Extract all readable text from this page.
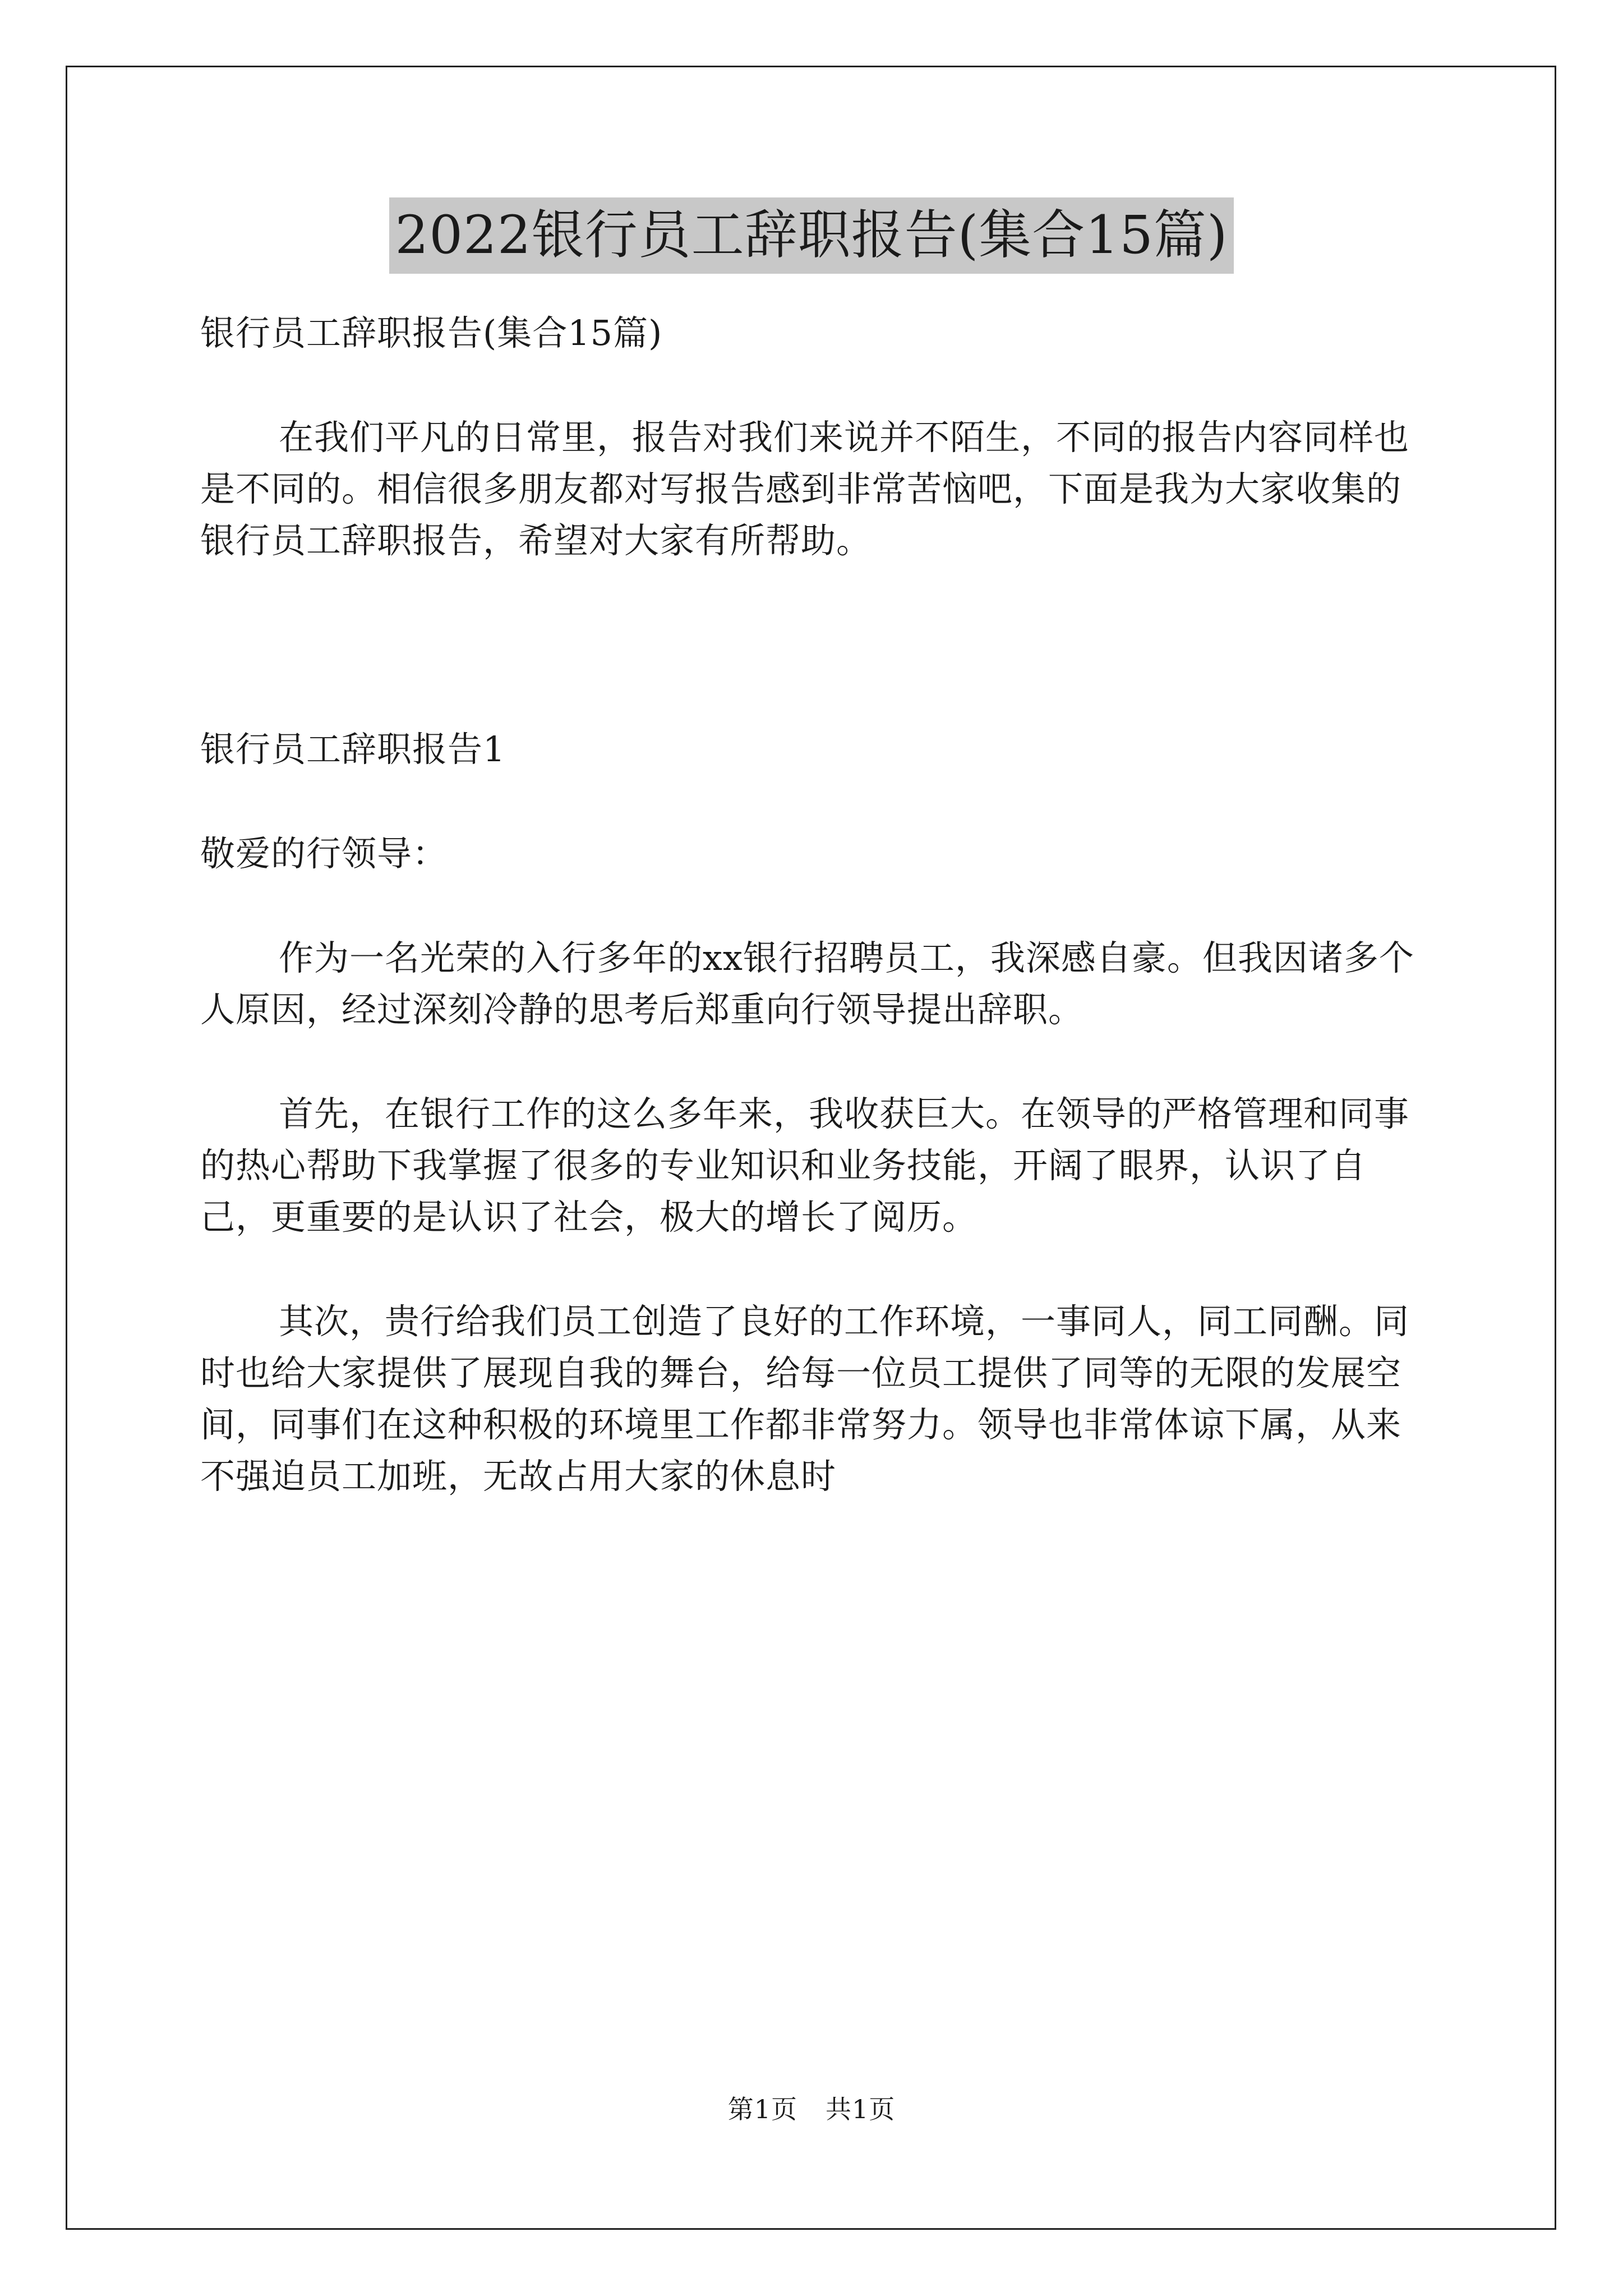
2022银行员工辞职报告(集合15篇)

银行员工辞职报告(集合15篇)

在我们平凡的日常里，报告对我们来说并不陌生，不同的报告内容同样也是不同的。相信很多朋友都对写报告感到非常苦恼吧，下面是我为大家收集的银行员工辞职报告，希望对大家有所帮助。

银行员工辞职报告1

敬爱的行领导：

作为一名光荣的入行多年的xx银行招聘员工，我深感自豪。但我因诸多个人原因，经过深刻冷静的思考后郑重向行领导提出辞职。

首先，在银行工作的这么多年来，我收获巨大。在领导的严格管理和同事的热心帮助下我掌握了很多的专业知识和业务技能，开阔了眼界，认识了自己，更重要的是认识了社会，极大的增长了阅历。

其次，贵行给我们员工创造了良好的工作环境，一事同人，同工同酬。同时也给大家提供了展现自我的舞台，给每一位员工提供了同等的无限的发展空间，同事们在这种积极的环境里工作都非常努力。领导也非常体谅下属，从来不强迫员工加班，无故占用大家的休息时

第1页 共1页
